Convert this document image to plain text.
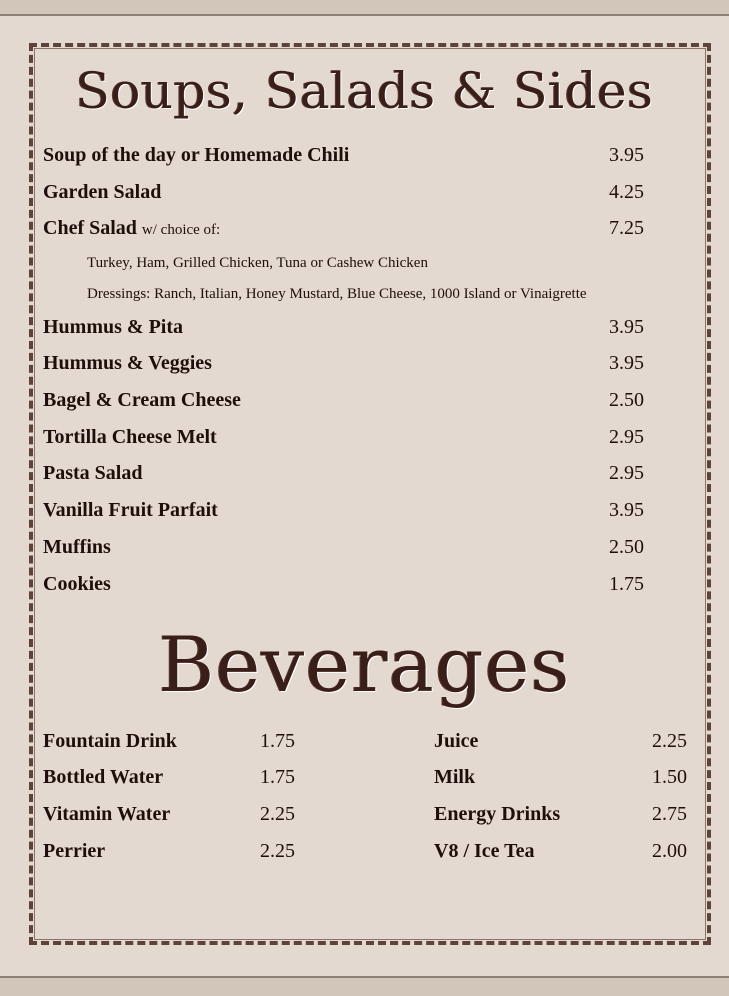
Soups, Salads & Sides
Soup of the day or Homemade Chili	3.95
Garden Salad	4.25
Chef Salad w/ choice of:	7.25
Turkey, Ham, Grilled Chicken, Tuna or Cashew Chicken
Dressings: Ranch, Italian, Honey Mustard, Blue Cheese, 1000 Island or Vinaigrette
Hummus & Pita	3.95
Hummus & Veggies	3.95
Bagel & Cream Cheese	2.50
Tortilla Cheese Melt	2.95
Pasta Salad	2.95
Vanilla Fruit Parfait	3.95
Muffins	2.50
Cookies	1.75
Beverages
Fountain Drink	1.75
Bottled Water	1.75
Vitamin Water	2.25
Perrier	2.25
Juice	2.25
Milk	1.50
Energy Drinks	2.75
V8 / Ice Tea	2.00
